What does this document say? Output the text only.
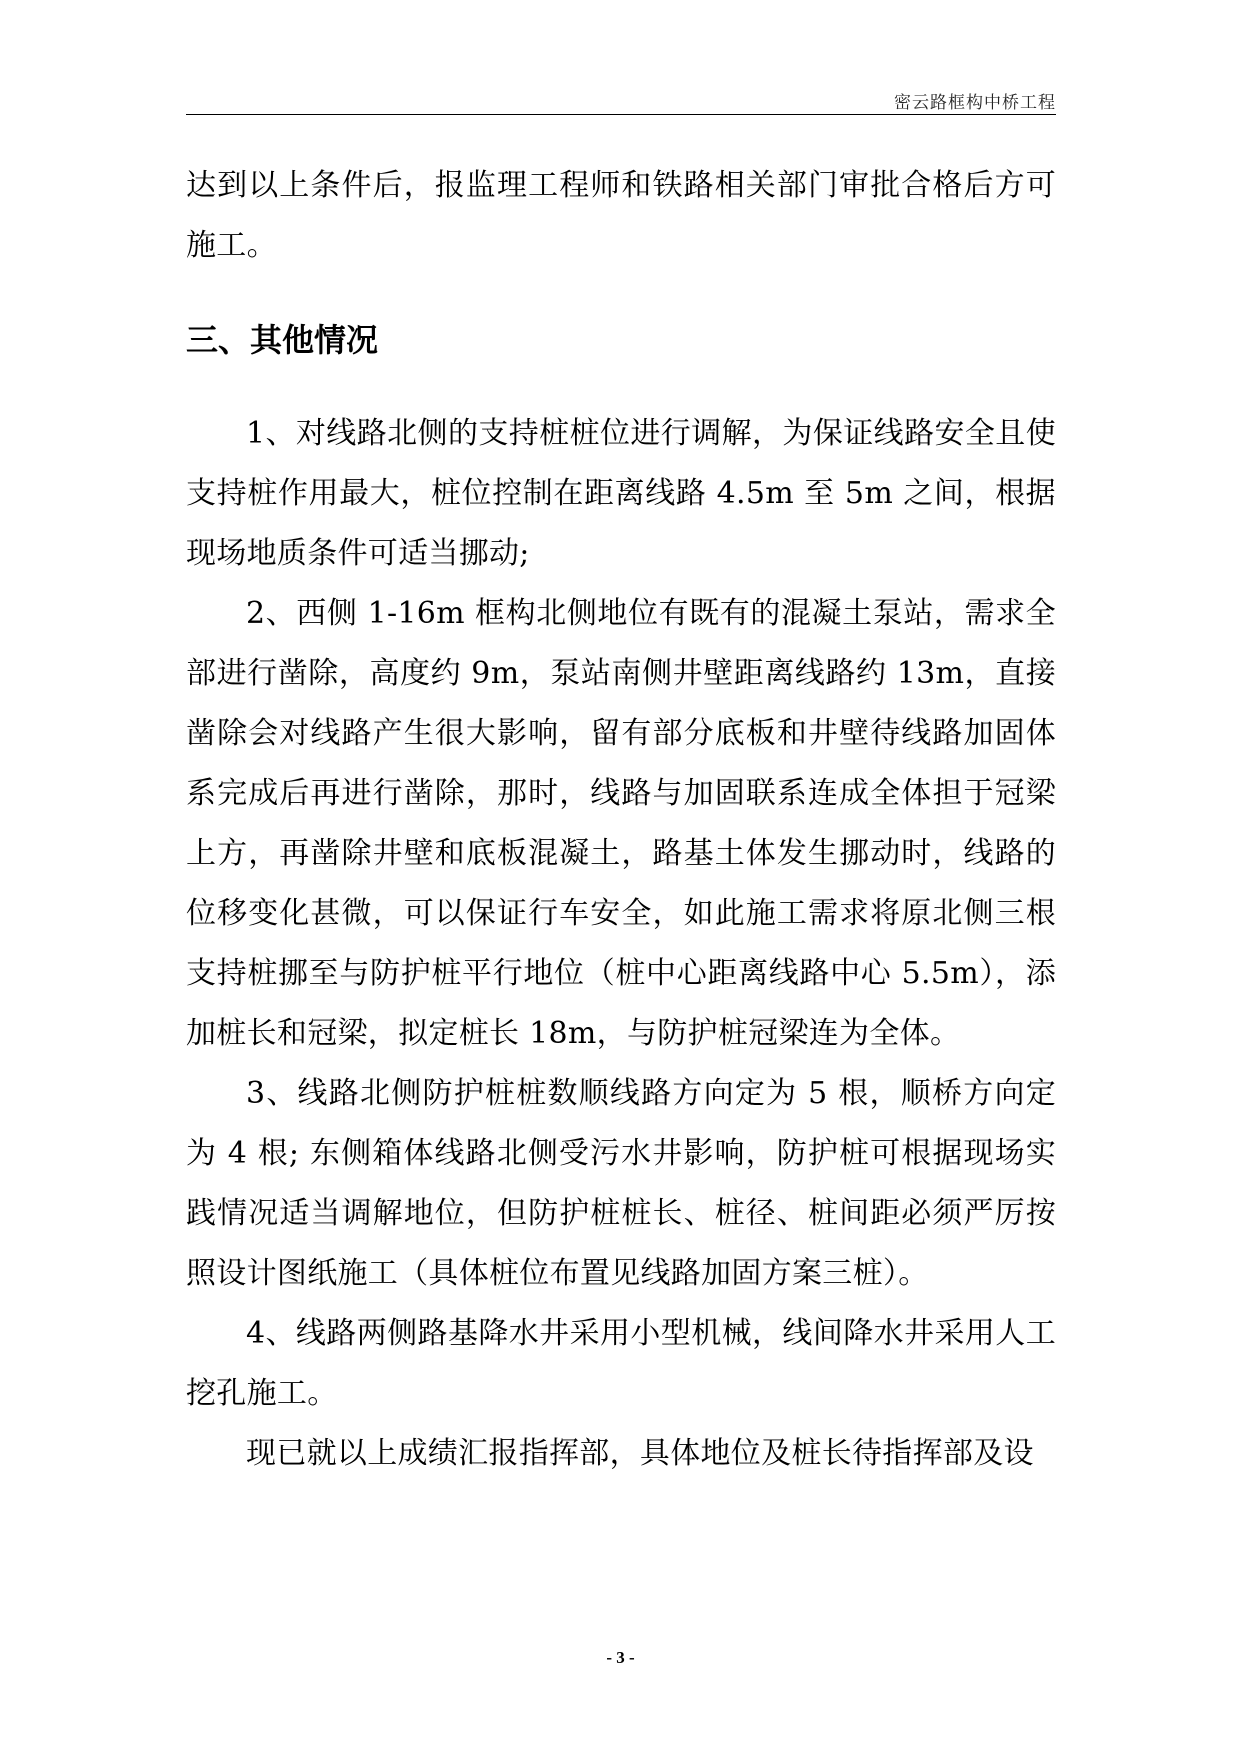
密云路框构中桥工程

达到以上条件后，报监理工程师和铁路相关部门审批合格后方可施工。

三、其他情况

1、对线路北侧的支持桩桩位进行调解，为保证线路安全且使支持桩作用最大，桩位控制在距离线路 4.5m 至 5m 之间，根据现场地质条件可适当挪动;

2、西侧 1-16m 框构北侧地位有既有的混凝土泵站，需求全部进行凿除，高度约 9m，泵站南侧井壁距离线路约 13m，直接凿除会对线路产生很大影响，留有部分底板和井壁待线路加固体系完成后再进行凿除，那时，线路与加固联系连成全体担于冠梁上方，再凿除井壁和底板混凝土，路基土体发生挪动时，线路的位移变化甚微，可以保证行车安全，如此施工需求将原北侧三根支持桩挪至与防护桩平行地位（桩中心距离线路中心 5.5m），添加桩长和冠梁，拟定桩长 18m，与防护桩冠梁连为全体。

3、线路北侧防护桩桩数顺线路方向定为 5 根，顺桥方向定为 4 根; 东侧箱体线路北侧受污水井影响，防护桩可根据现场实践情况适当调解地位，但防护桩桩长、桩径、桩间距必须严厉按照设计图纸施工（具体桩位布置见线路加固方案三桩）。

4、线路两侧路基降水井采用小型机械，线间降水井采用人工挖孔施工。

现已就以上成绩汇报指挥部，具体地位及桩长待指挥部及设

- 3 -
